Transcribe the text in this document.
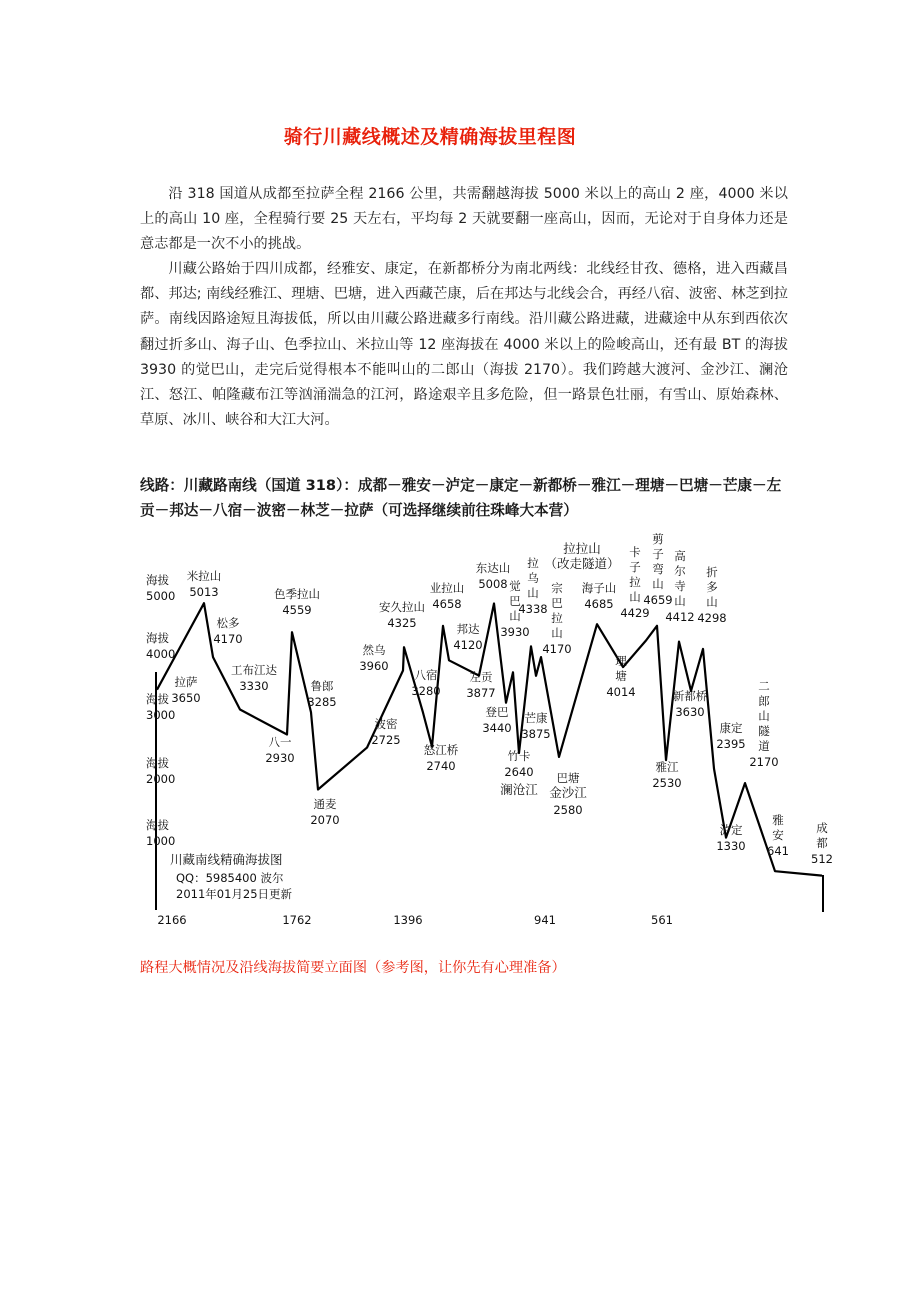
骑行川藏线概述及精确海拔里程图

沿 318 国道从成都至拉萨全程 2166 公里，共需翻越海拔 5000 米以上的高山 2 座，4000 米以上的高山 10 座，全程骑行要 25 天左右，平均每 2 天就要翻一座高山，因而，无论对于自身体力还是意志都是一次不小的挑战。

川藏公路始于四川成都，经雅安、康定，在新都桥分为南北两线：北线经甘孜、德格，进入西藏昌都、邦达; 南线经雅江、理塘、巴塘，进入西藏芒康，后在邦达与北线会合，再经八宿、波密、林芝到拉萨。南线因路途短且海拔低，所以由川藏公路进藏多行南线。沿川藏公路进藏，进藏途中从东到西依次翻过折多山、海子山、色季拉山、米拉山等 12 座海拔在 4000 米以上的险峻高山，还有最 BT 的海拔 3930 的觉巴山，走完后觉得根本不能叫山的二郎山（海拔 2170）。我们跨越大渡河、金沙江、澜沧江、怒江、帕隆藏布江等汹涌湍急的江河，路途艰辛且多危险，但一路景色壮丽，有雪山、原始森林、草原、冰川、峡谷和大江大河。

线路：川藏路南线（国道 318）：成都－雅安－泸定－康定－新都桥－雅江－理塘－巴塘－芒康－左贡－邦达－八宿－波密－林芝－拉萨（可选择继续前往珠峰大本营）

海拔
5000
海拔
4000
海拔
3000
海拔
2000
海拔
1000
2166	1762	1396	941	561
米拉山
5013
松多
4170
拉萨
3650
工布江达
3330
八一
2930
色季拉山
4559
鲁郎
3285
通麦
2070
然乌
3960
安久拉山
4325
波密
2725
八宿
3280
怒江桥
2740
业拉山
4658
邦达
4120
左贡
3877
东达山
5008
登巴
3440
竹卡
2640
芒康
3875
巴塘
海子山
4685
新都桥
3630
雅江
2530
康定
2395
泸定
1330
觉
巴
山
3930
拉
乌
山
4338
宗
巴
拉
山
4170
理
塘
4014
卡
子
拉
山
4429
剪
子
弯
山
4659
高
尔
寺
山
4412
折
多
山
4298
二
郎
山
隧
道
2170
雅
安
641
成
都
512
澜沧江 金沙江
2580
拉拉山
（改走隧道）
川藏南线精确海拔图
QQ：5985400 波尔
2011年01月25日更新

路程大概情况及沿线海拔简要立面图（参考图，让你先有心理准备）
